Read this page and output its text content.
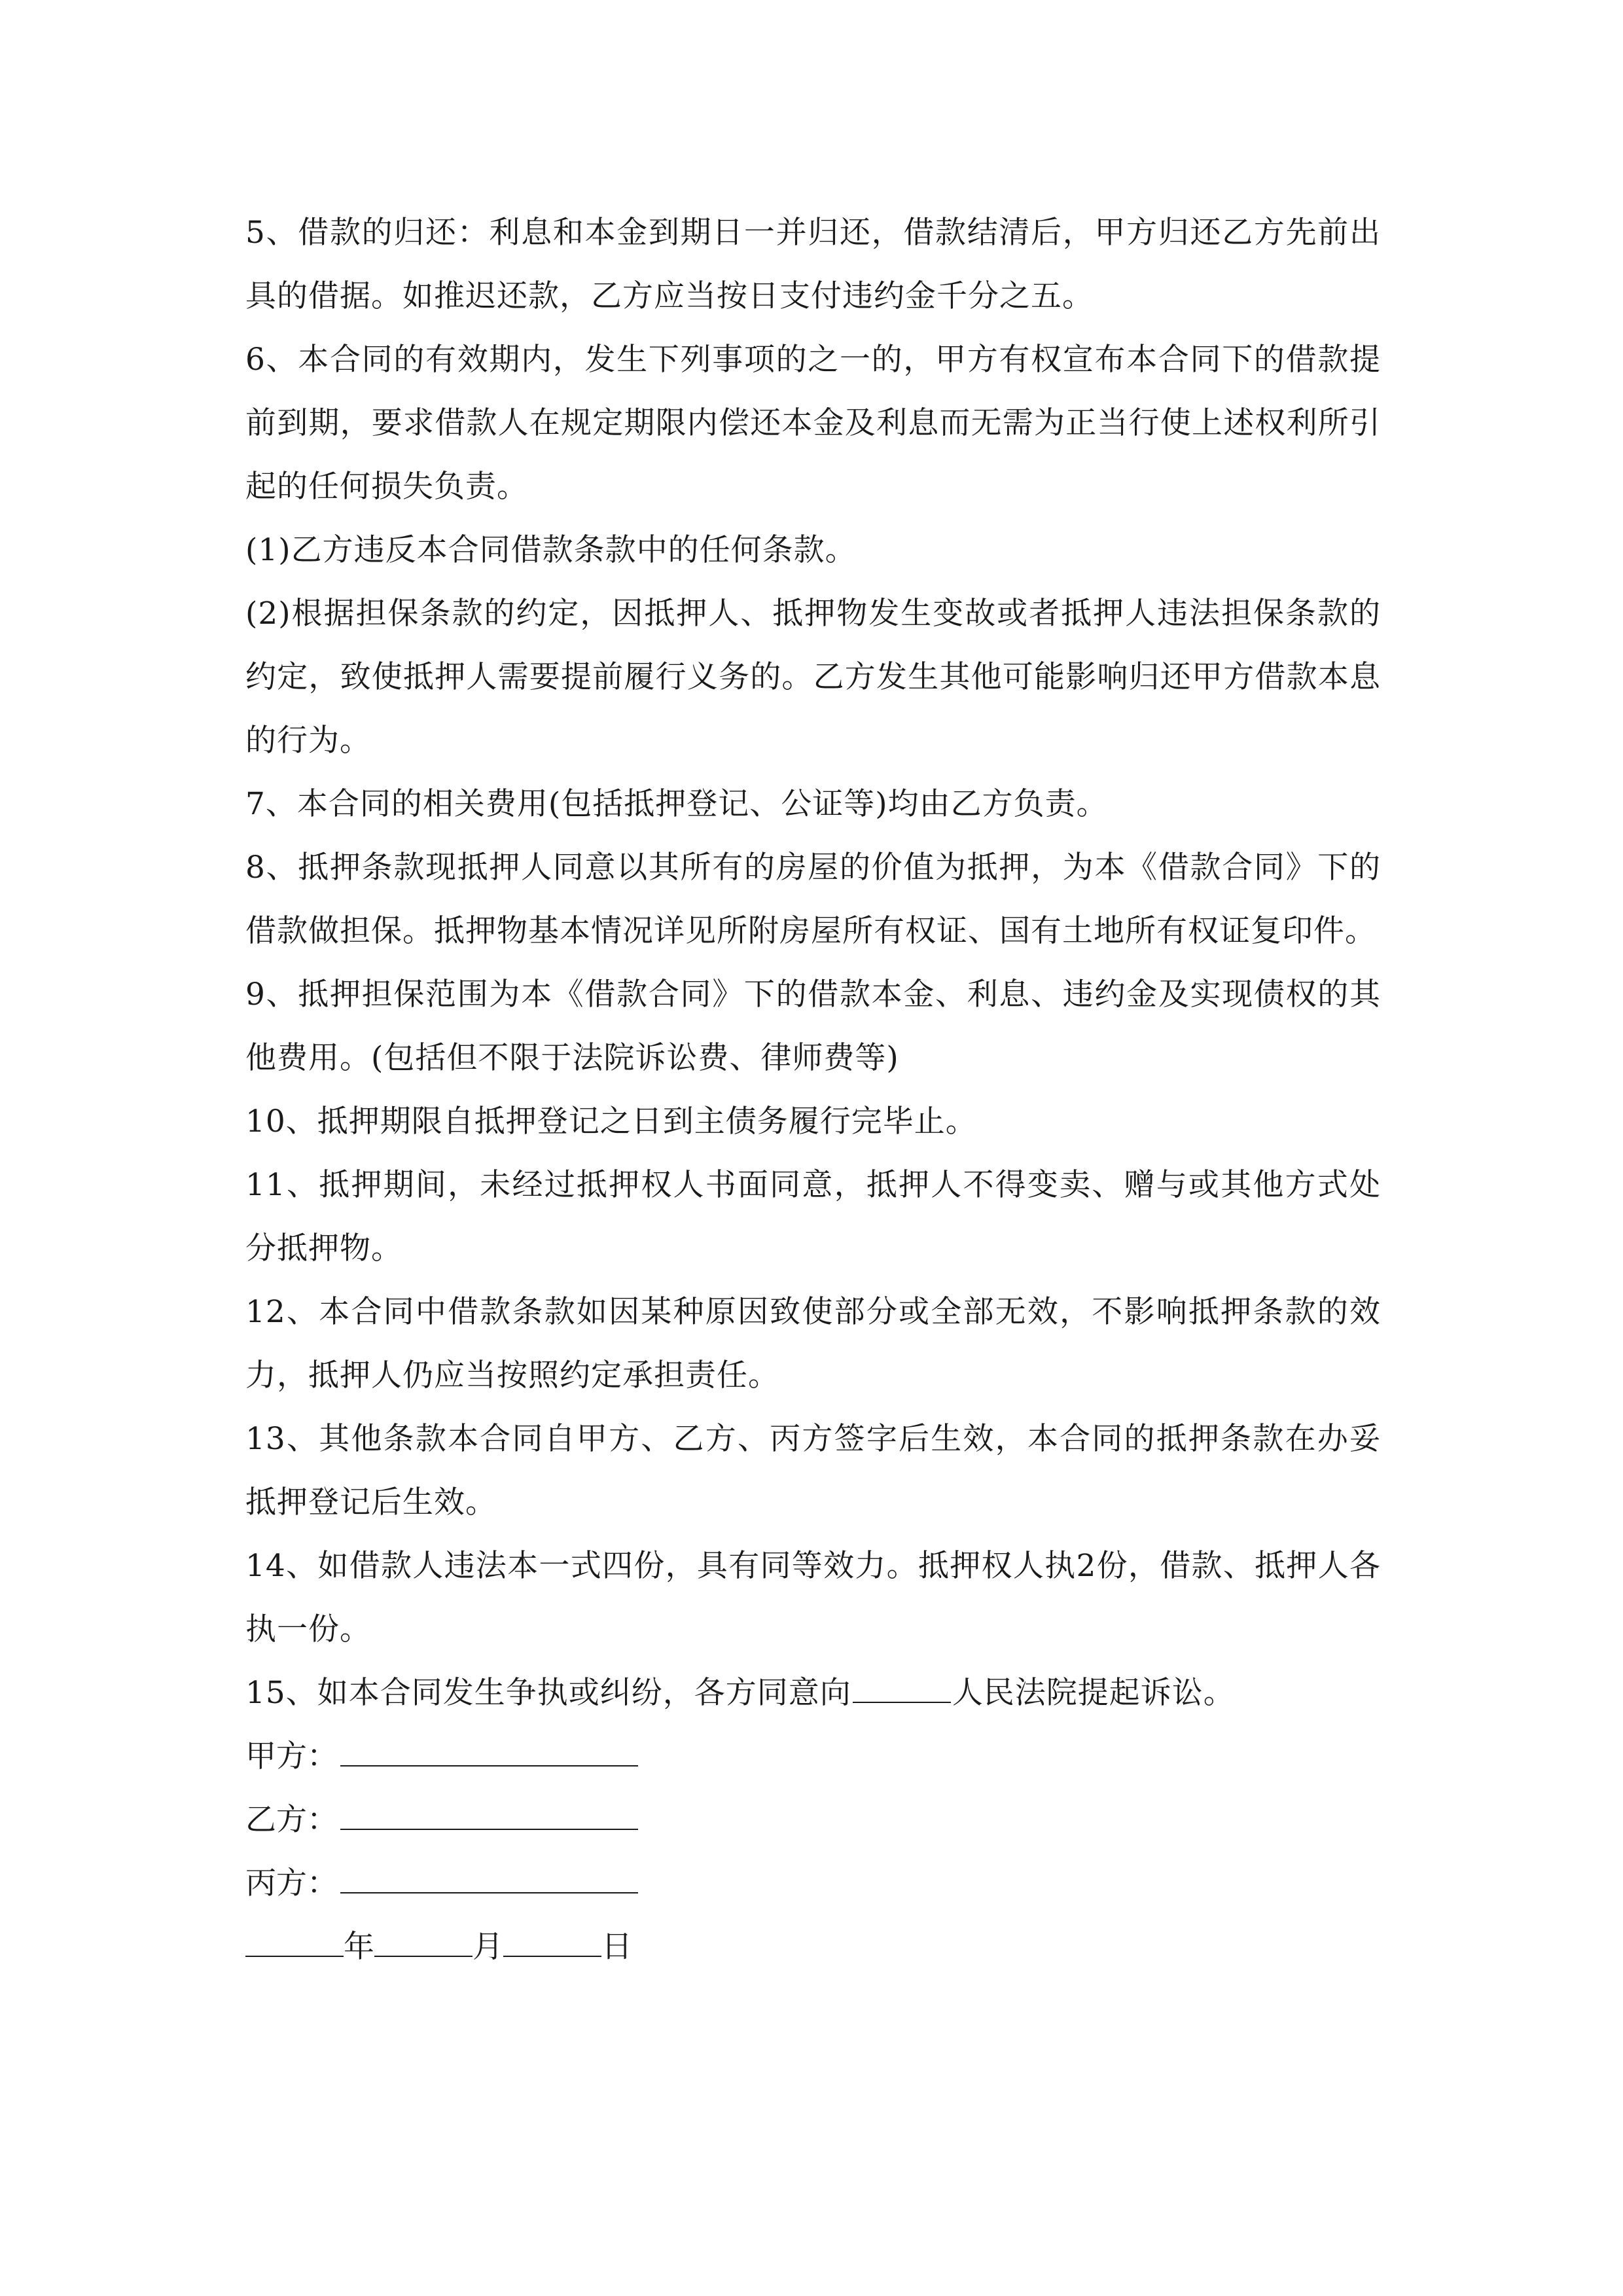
5、借款的归还：利息和本金到期日一并归还，借款结清后，甲方归还乙方先前出具的借据。如推迟还款，乙方应当按日支付违约金千分之五。

6、本合同的有效期内，发生下列事项的之一的，甲方有权宣布本合同下的借款提前到期，要求借款人在规定期限内偿还本金及利息而无需为正当行使上述权利所引起的任何损失负责。

(1)乙方违反本合同借款条款中的任何条款。

(2)根据担保条款的约定，因抵押人、抵押物发生变故或者抵押人违法担保条款的约定，致使抵押人需要提前履行义务的。乙方发生其他可能影响归还甲方借款本息的行为。

7、本合同的相关费用(包括抵押登记、公证等)均由乙方负责。

8、抵押条款现抵押人同意以其所有的房屋的价值为抵押，为本《借款合同》下的借款做担保。抵押物基本情况详见所附房屋所有权证、国有土地所有权证复印件。

9、抵押担保范围为本《借款合同》下的借款本金、利息、违约金及实现债权的其他费用。(包括但不限于法院诉讼费、律师费等)

10、抵押期限自抵押登记之日到主债务履行完毕止。

11、抵押期间，未经过抵押权人书面同意，抵押人不得变卖、赠与或其他方式处分抵押物。

12、本合同中借款条款如因某种原因致使部分或全部无效，不影响抵押条款的效力，抵押人仍应当按照约定承担责任。

13、其他条款本合同自甲方、乙方、丙方签字后生效，本合同的抵押条款在办妥抵押登记后生效。

14、如借款人违法本一式四份，具有同等效力。抵押权人执2份，借款、抵押人各执一份。

15、如本合同发生争执或纠纷，各方同意向	人民法院提起诉讼。

甲方：
乙方：
丙方：
年	月	日
